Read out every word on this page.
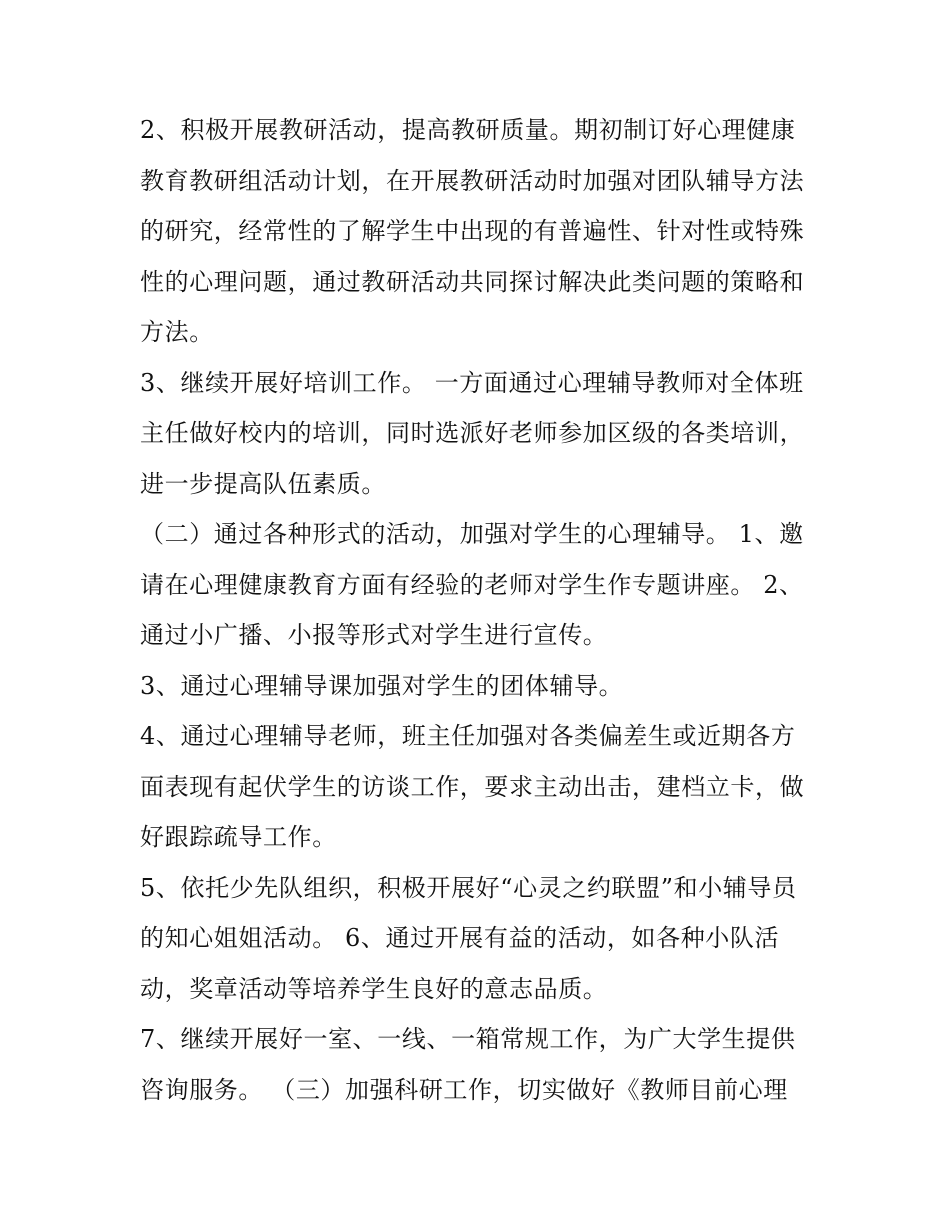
2、积极开展教研活动，提高教研质量。期初制订好心理健康
教育教研组活动计划，在开展教研活动时加强对团队辅导方法
的研究，经常性的了解学生中出现的有普遍性、针对性或特殊
性的心理问题，通过教研活动共同探讨解决此类问题的策略和
方法。
3、继续开展好培训工作。 一方面通过心理辅导教师对全体班
主任做好校内的培训，同时选派好老师参加区级的各类培训，
进一步提高队伍素质。
（二）通过各种形式的活动，加强对学生的心理辅导。 1、邀
请在心理健康教育方面有经验的老师对学生作专题讲座。 2、
通过小广播、小报等形式对学生进行宣传。
3、通过心理辅导课加强对学生的团体辅导。
4、通过心理辅导老师，班主任加强对各类偏差生或近期各方
面表现有起伏学生的访谈工作，要求主动出击，建档立卡，做
好跟踪疏导工作。
5、依托少先队组织，积极开展好“心灵之约联盟”和小辅导员
的知心姐姐活动。 6、通过开展有益的活动，如各种小队活
动，奖章活动等培养学生良好的意志品质。
7、继续开展好一室、一线、一箱常规工作，为广大学生提供
咨询服务。 （三）加强科研工作，切实做好《教师目前心理
